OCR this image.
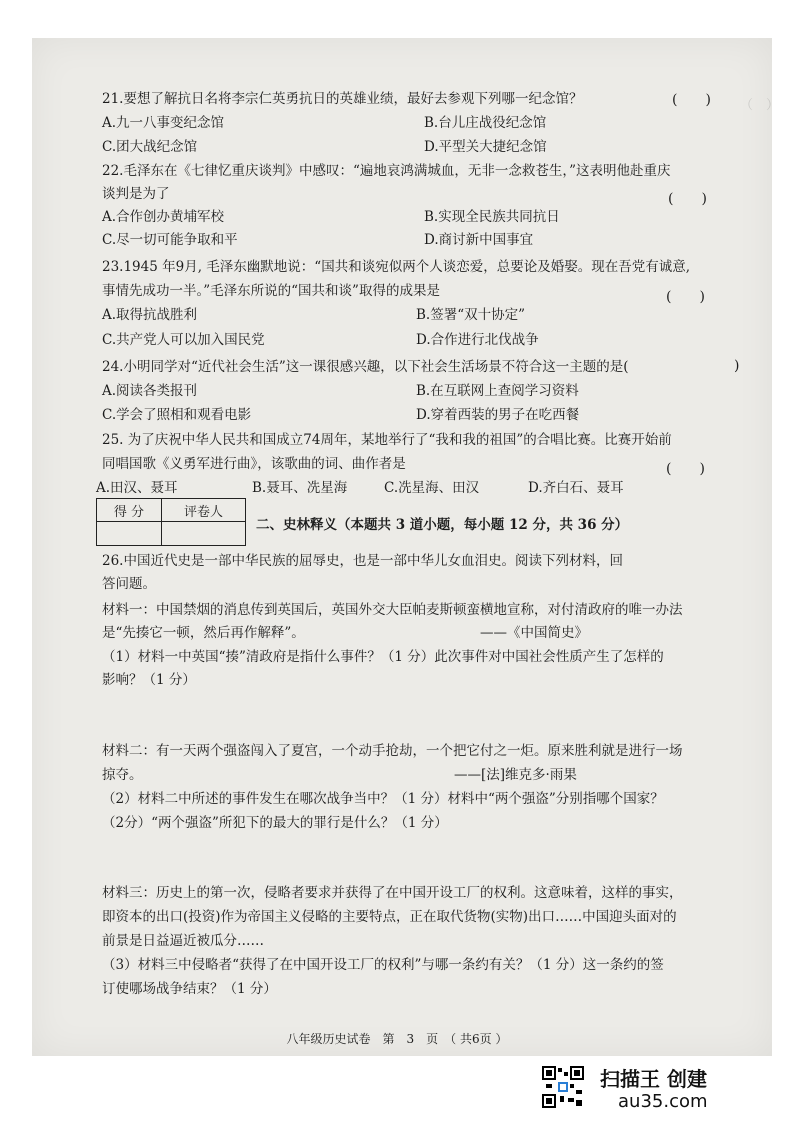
（　）
21.要想了解抗日名将李宗仁英勇抗日的英雄业绩，最好去参观下列哪一纪念馆？	(　　)
A.九一八事变纪念馆	B.台儿庄战役纪念馆
C.团大战纪念馆	D.平型关大捷纪念馆
22.毛泽东在《七律忆重庆谈判》中感叹：“遍地哀鸿满城血，无非一念救苍生，”这表明他赴重庆
谈判是为了	(　　)
A.合作创办黄埔军校	B.实现全民族共同抗日
C.尽一切可能争取和平	D.商讨新中国事宜
23.1945 年9月, 毛泽东幽默地说：“国共和谈宛似两个人谈恋爱，总要论及婚娶。现在吾党有诚意,
事情先成功一半。”毛泽东所说的“国共和谈”取得的成果是	(　　)
A.取得抗战胜利	B.签署“双十协定”
C.共产党人可以加入国民党	D.合作进行北伐战争
24.小明同学对“近代社会生活”这一课很感兴趣，以下社会生活场景不符合这一主题的是(	)
A.阅读各类报刊	B.在互联网上查阅学习资料
C.学会了照相和观看电影	D.穿着西装的男子在吃西餐
25. 为了庆祝中华人民共和国成立74周年，某地举行了“我和我的祖国”的合唱比赛。比赛开始前
同唱国歌《义勇军进行曲》，该歌曲的词、曲作者是	(　　)
A.田汉、聂耳	B.聂耳、冼星海	C.冼星海、田汉	D.齐白石、聂耳
得 分	评卷人
二、史林释义（本题共 3 道小题，每小题 12 分，共 36 分）
26.中国近代史是一部中华民族的屈辱史，也是一部中华儿女血泪史。阅读下列材料，回
答问题。
材料一：中国禁烟的消息传到英国后，英国外交大臣帕麦斯顿蛮横地宣称，对付清政府的唯一办法
是“先揍它一顿，然后再作解释”。	——《中国简史》
（1）材料一中英国“揍”清政府是指什么事件？（1 分）此次事件对中国社会性质产生了怎样的
影响？（1 分）
材料二：有一天两个强盗闯入了夏宫，一个动手抢劫，一个把它付之一炬。原来胜利就是进行一场
掠夺。	——[法]维克多·雨果
（2）材料二中所述的事件发生在哪次战争当中？（1 分）材料中“两个强盗”分别指哪个国家？
（2分）“两个强盗”所犯下的最大的罪行是什么？（1 分）
材料三：历史上的第一次，侵略者要求并获得了在中国开设工厂的权利。这意味着，这样的事实，
即资本的出口(投资)作为帝国主义侵略的主要特点，正在取代货物(实物)出口……中国迎头面对的
前景是日益逼近被瓜分……
（3）材料三中侵略者“获得了在中国开设工厂的权利”与哪一条约有关？（1 分）这一条约的签
订使哪场战争结束？（1 分）
八年级历史试卷　第　3　页　（ 共6页 ）
扫描王 创建
au35.com
